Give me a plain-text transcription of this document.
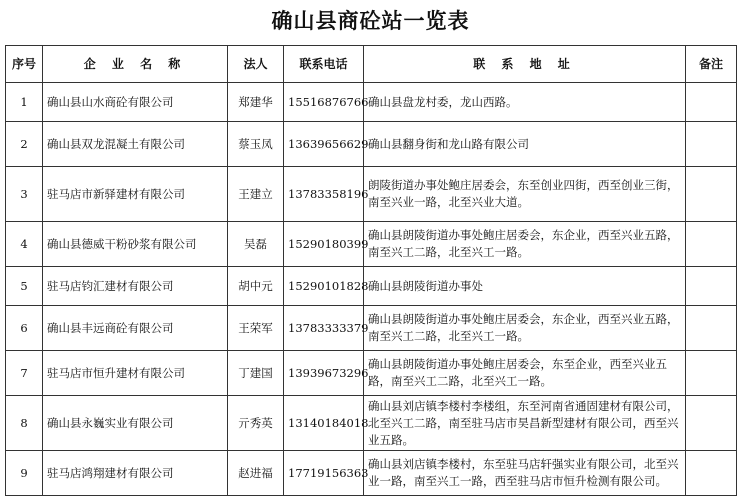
确山县商砼站一览表
序号	企 业 名 称	法人	联系电话	联 系 地 址	备注
1	确山县山水商砼有限公司	郑建华	15516876766	确山县盘龙村委，龙山西路。	
2	确山县双龙混凝土有限公司	蔡玉凤	13639656629	确山县翻身街和龙山路有限公司	
3	驻马店市新驿建材有限公司	王建立	13783358196	朗陵街道办事处鲍庄居委会，东至创业四街，西至创业三街，南至兴业一路，北至兴业大道。	
4	确山县德威干粉砂浆有限公司	吴磊	15290180399	确山县朗陵街道办事处鲍庄居委会，东企业，西至兴业五路，南至兴工二路，北至兴工一路。	
5	驻马店钧汇建材有限公司	胡中元	15290101828	确山县朗陵街道办事处	
6	确山县丰远商砼有限公司	王荣军	13783333379	确山县朗陵街道办事处鲍庄居委会，东企业，西至兴业五路，南至兴工二路，北至兴工一路。	
7	驻马店市恒升建材有限公司	丁建国	13939673296	确山县朗陵街道办事处鲍庄居委会，东至企业，西至兴业五路，南至兴工二路，北至兴工一路。	
8	确山县永巍实业有限公司	亓秀英	13140184018	确山县刘店镇李楼村李楼组，东至河南省通固建材有限公司，北至兴工二路，南至驻马店市昊昌新型建材有限公司，西至兴业五路。	
9	驻马店鸿翔建材有限公司	赵进福	17719156363	确山县刘店镇李楼村，东至驻马店轩强实业有限公司，北至兴业一路，南至兴工一路，西至驻马店市恒升检测有限公司。	
